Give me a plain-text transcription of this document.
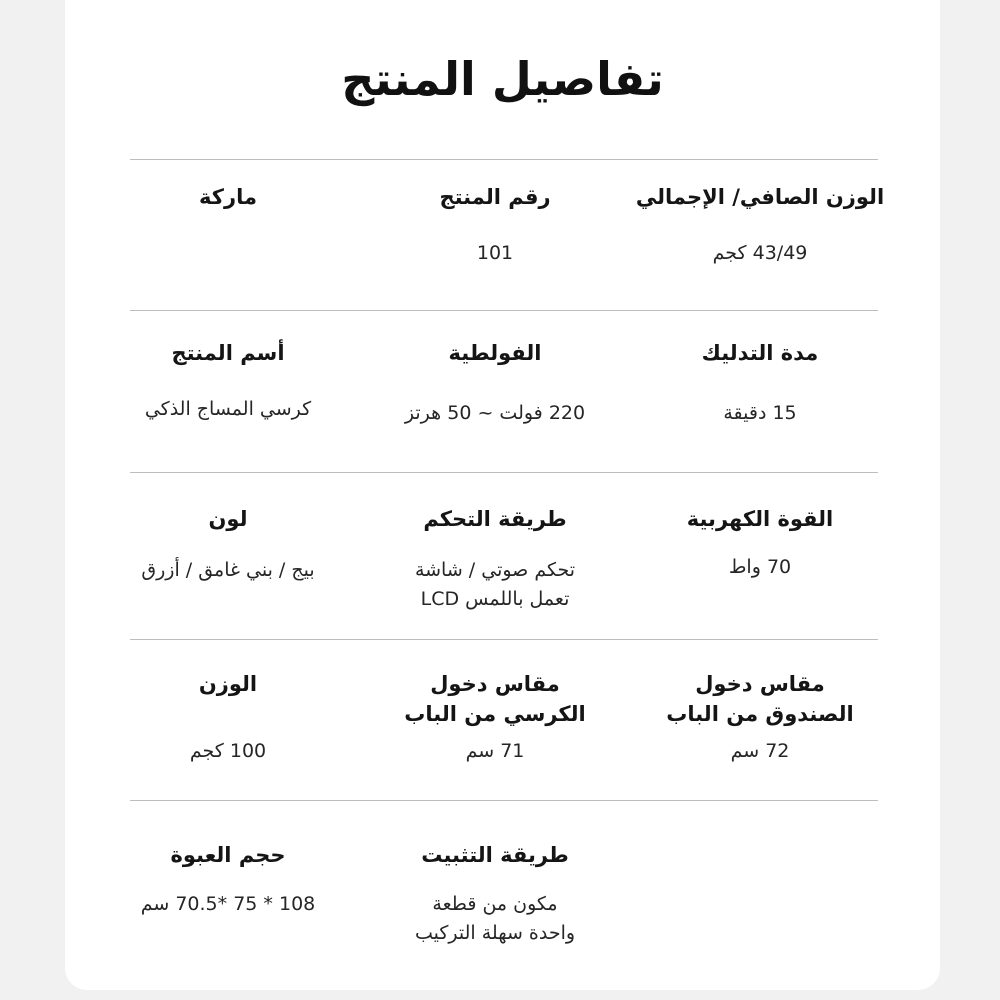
تفاصيل المنتج
الوزن الصافي/ الإجمالي
43/49 كجم
رقم المنتج
101
ماركة
مدة التدليك
15 دقيقة
الفولطية
220 فولت ~ 50 هرتز
أسم المنتج
كرسي المساج الذكي
القوة الكهربية
70 واط
طريقة التحكم
تحكم صوتي / شاشة
تعمل باللمس LCD
لون
بيج / بني غامق / أزرق
مقاس دخول
الصندوق من الباب
72 سم
مقاس دخول
الكرسي من الباب
71 سم
الوزن
100 كجم
طريقة التثبيت
مكون من قطعة
واحدة سهلة التركيب
حجم العبوة
108 * 75 *70.5 سم
